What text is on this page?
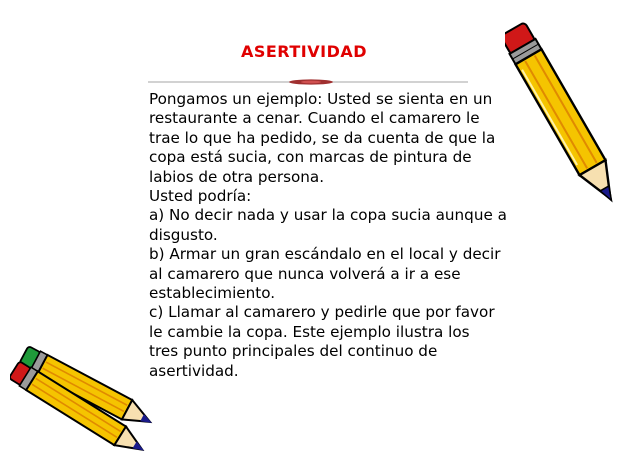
ASERTIVIDAD
Pongamos un ejemplo: Usted se sienta en un
restaurante a cenar. Cuando el camarero le
trae lo que ha pedido, se da cuenta de que la
copa está sucia, con marcas de pintura de
labios de otra persona.
Usted podría:
a) No decir nada y usar la copa sucia aunque a
disgusto.
b) Armar un gran escándalo en el local y decir
al camarero que nunca volverá a ir a ese
establecimiento.
c) Llamar al camarero y pedirle que por favor
le cambie la copa. Este ejemplo ilustra los
tres punto principales del continuo de
asertividad.
